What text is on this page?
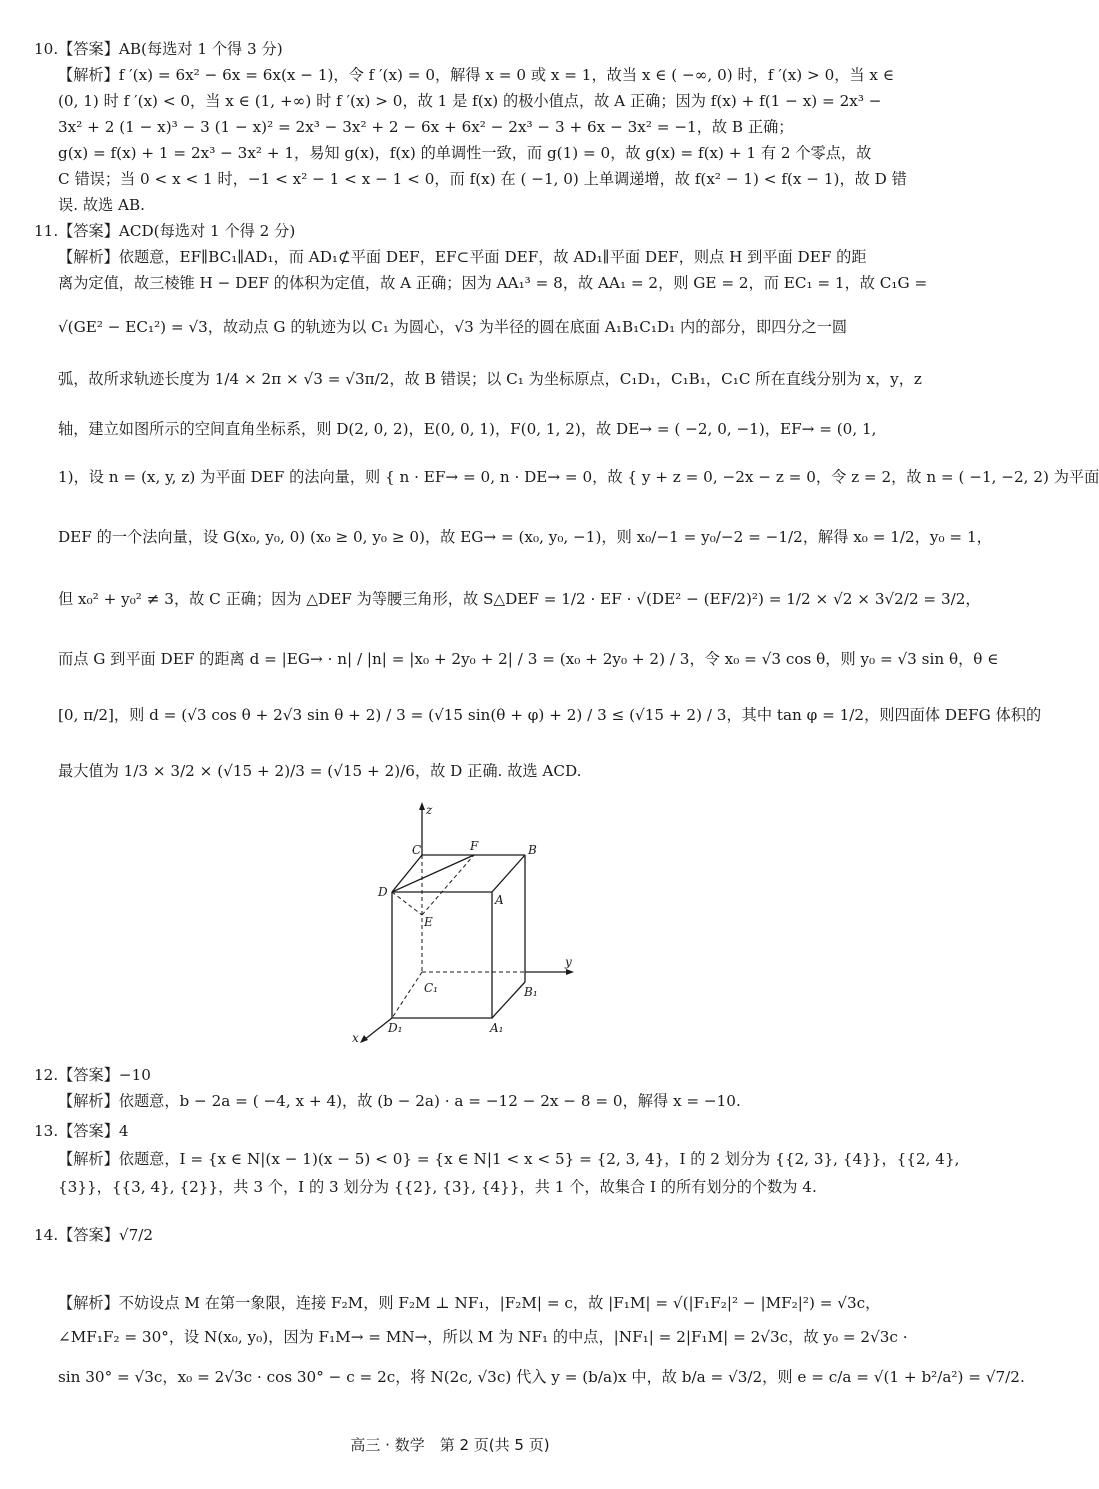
10.【答案】AB(每选对 1 个得 3 分)
【解析】f ′(x) = 6x² − 6x = 6x(x − 1)，令 f ′(x) = 0，解得 x = 0 或 x = 1，故当 x ∈ ( −∞, 0) 时，f ′(x) > 0，当 x ∈
(0, 1) 时 f ′(x) < 0，当 x ∈ (1, +∞) 时 f ′(x) > 0，故 1 是 f(x) 的极小值点，故 A 正确；因为 f(x) + f(1 − x) = 2x³ −
3x² + 2 (1 − x)³ − 3 (1 − x)² = 2x³ − 3x² + 2 − 6x + 6x² − 2x³ − 3 + 6x − 3x² = −1，故 B 正确；
g(x) = f(x) + 1 = 2x³ − 3x² + 1，易知 g(x)，f(x) 的单调性一致，而 g(1) = 0，故 g(x) = f(x) + 1 有 2 个零点，故
C 错误；当 0 < x < 1 时，−1 < x² − 1 < x − 1 < 0，而 f(x) 在 ( −1, 0) 上单调递增，故 f(x² − 1) < f(x − 1)，故 D 错
误. 故选 AB.
11.【答案】ACD(每选对 1 个得 2 分)
【解析】依题意，EF∥BC₁∥AD₁，而 AD₁⊄平面 DEF，EF⊂平面 DEF，故 AD₁∥平面 DEF，则点 H 到平面 DEF 的距
离为定值，故三棱锥 H − DEF 的体积为定值，故 A 正确；因为 AA₁³ = 8，故 AA₁ = 2，则 GE = 2，而 EC₁ = 1，故 C₁G =
√(GE² − EC₁²) = √3，故动点 G 的轨迹为以 C₁ 为圆心，√3 为半径的圆在底面 A₁B₁C₁D₁ 内的部分，即四分之一圆
弧，故所求轨迹长度为 1/4 × 2π × √3 = √3π/2，故 B 错误；以 C₁ 为坐标原点，C₁D₁，C₁B₁，C₁C 所在直线分别为 x，y，z
轴，建立如图所示的空间直角坐标系，则 D(2, 0, 2)，E(0, 0, 1)，F(0, 1, 2)，故 DE→ = ( −2, 0, −1)，EF→ = (0, 1,
1)，设 n = (x, y, z) 为平面 DEF 的法向量，则 { n · EF→ = 0, n · DE→ = 0，故 { y + z = 0, −2x − z = 0，令 z = 2，故 n = ( −1, −2, 2) 为平面
DEF 的一个法向量，设 G(x₀, y₀, 0) (x₀ ≥ 0, y₀ ≥ 0)，故 EG→ = (x₀, y₀, −1)，则 x₀/−1 = y₀/−2 = −1/2，解得 x₀ = 1/2，y₀ = 1，
但 x₀² + y₀² ≠ 3，故 C 正确；因为 △DEF 为等腰三角形，故 S△DEF = 1/2 · EF · √(DE² − (EF/2)²) = 1/2 × √2 × 3√2/2 = 3/2，
而点 G 到平面 DEF 的距离 d = |EG→ · n| / |n| = |x₀ + 2y₀ + 2| / 3 = (x₀ + 2y₀ + 2) / 3，令 x₀ = √3 cos θ，则 y₀ = √3 sin θ，θ ∈
[0, π/2]，则 d = (√3 cos θ + 2√3 sin θ + 2) / 3 = (√15 sin(θ + φ) + 2) / 3 ≤ (√15 + 2) / 3，其中 tan φ = 1/2，则四面体 DEFG 体积的
最大值为 1/3 × 3/2 × (√15 + 2)/3 = (√15 + 2)/6，故 D 正确. 故选 ACD.
z
C	F	B
D
A
E
y
C₁	B₁
D₁	A₁
x
12.【答案】−10
【解析】依题意，b − 2a = ( −4, x + 4)，故 (b − 2a) · a = −12 − 2x − 8 = 0，解得 x = −10.
13.【答案】4
【解析】依题意，I = {x ∈ N|(x − 1)(x − 5) < 0} = {x ∈ N|1 < x < 5} = {2, 3, 4}，I 的 2 划分为 {{2, 3}, {4}}，{{2, 4},
{3}}，{{3, 4}, {2}}，共 3 个，I 的 3 划分为 {{2}, {3}, {4}}，共 1 个，故集合 I 的所有划分的个数为 4.
14.【答案】√7/2
【解析】不妨设点 M 在第一象限，连接 F₂M，则 F₂M ⊥ NF₁，|F₂M| = c，故 |F₁M| = √(|F₁F₂|² − |MF₂|²) = √3c，
∠MF₁F₂ = 30°，设 N(x₀, y₀)，因为 F₁M→ = MN→，所以 M 为 NF₁ 的中点，|NF₁| = 2|F₁M| = 2√3c，故 y₀ = 2√3c ·
sin 30° = √3c，x₀ = 2√3c · cos 30° − c = 2c，将 N(2c, √3c) 代入 y = (b/a)x 中，故 b/a = √3/2，则 e = c/a = √(1 + b²/a²) = √7/2.
高三 · 数学　第 2 页(共 5 页)
